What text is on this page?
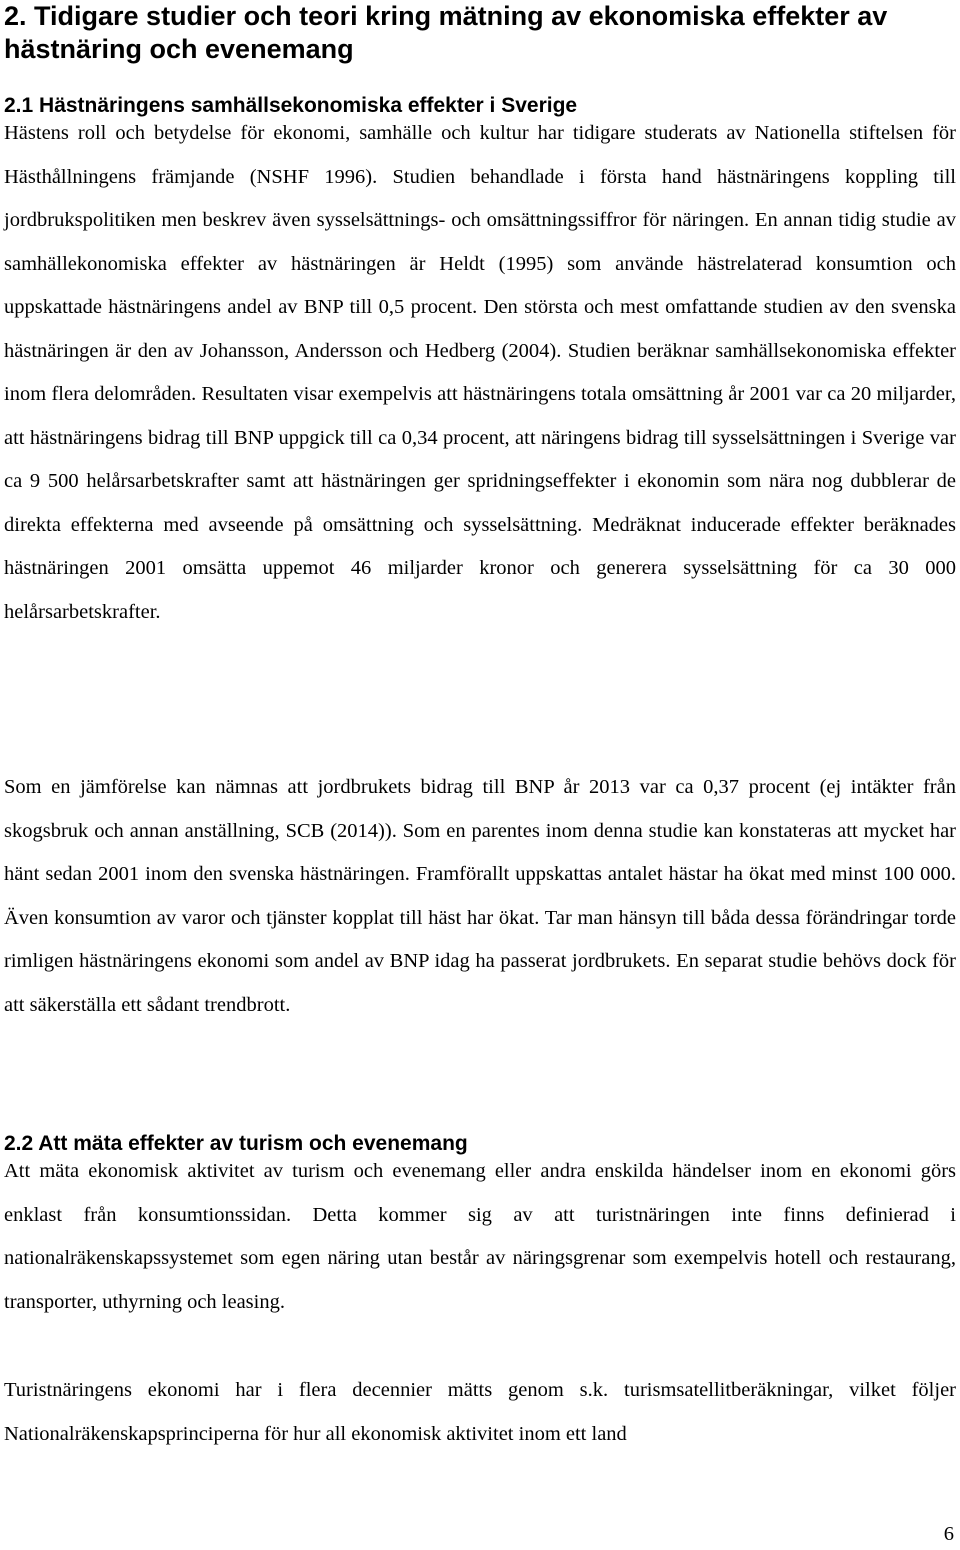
2. Tidigare studier och teori kring mätning av ekonomiska effekter av hästnäring och evenemang
2.1 Hästnäringens samhällsekonomiska effekter i Sverige

Hästens roll och betydelse för ekonomi, samhälle och kultur har tidigare studerats av Nationella stiftelsen för Hästhållningens främjande (NSHF 1996). Studien behandlade i första hand hästnäringens koppling till jordbrukspolitiken men beskrev även sysselsättnings- och omsättningssiffror för näringen. En annan tidig studie av samhällekonomiska effekter av hästnäringen är Heldt (1995) som använde hästrelaterad konsumtion och uppskattade hästnäringens andel av BNP till 0,5 procent. Den största och mest omfattande studien av den svenska hästnäringen är den av Johansson, Andersson och Hedberg (2004). Studien beräknar samhällsekonomiska effekter inom flera delområden. Resultaten visar exempelvis att hästnäringens totala omsättning år 2001 var ca 20 miljarder, att hästnäringens bidrag till BNP uppgick till ca 0,34 procent, att näringens bidrag till sysselsättningen i Sverige var ca 9 500 helårsarbetskrafter samt att hästnäringen ger spridningseffekter i ekonomin som nära nog dubblerar de direkta effekterna med avseende på omsättning och sysselsättning. Medräknat inducerade effekter beräknades hästnäringen 2001 omsätta uppemot 46 miljarder kronor och generera sysselsättning för ca 30 000 helårsarbetskrafter.

Som en jämförelse kan nämnas att jordbrukets bidrag till BNP år 2013 var ca 0,37 procent (ej intäkter från skogsbruk och annan anställning, SCB (2014)). Som en parentes inom denna studie kan konstateras att mycket har hänt sedan 2001 inom den svenska hästnäringen. Framförallt uppskattas antalet hästar ha ökat med minst 100 000. Även konsumtion av varor och tjänster kopplat till häst har ökat. Tar man hänsyn till båda dessa förändringar torde rimligen hästnäringens ekonomi som andel av BNP idag ha passerat jordbrukets. En separat studie behövs dock för att säkerställa ett sådant trendbrott.

2.2 Att mäta effekter av turism och evenemang

Att mäta ekonomisk aktivitet av turism och evenemang eller andra enskilda händelser inom en ekonomi görs enklast från konsumtionssidan. Detta kommer sig av att turistnäringen inte finns definierad i nationalräkenskapssystemet som egen näring utan består av näringsgrenar som exempelvis hotell och restaurang, transporter, uthyrning och leasing.

Turistnäringens ekonomi har i flera decennier mätts genom s.k. turismsatellitberäkningar, vilket följer Nationalräkenskapsprinciperna för hur all ekonomisk aktivitet inom ett land

6
